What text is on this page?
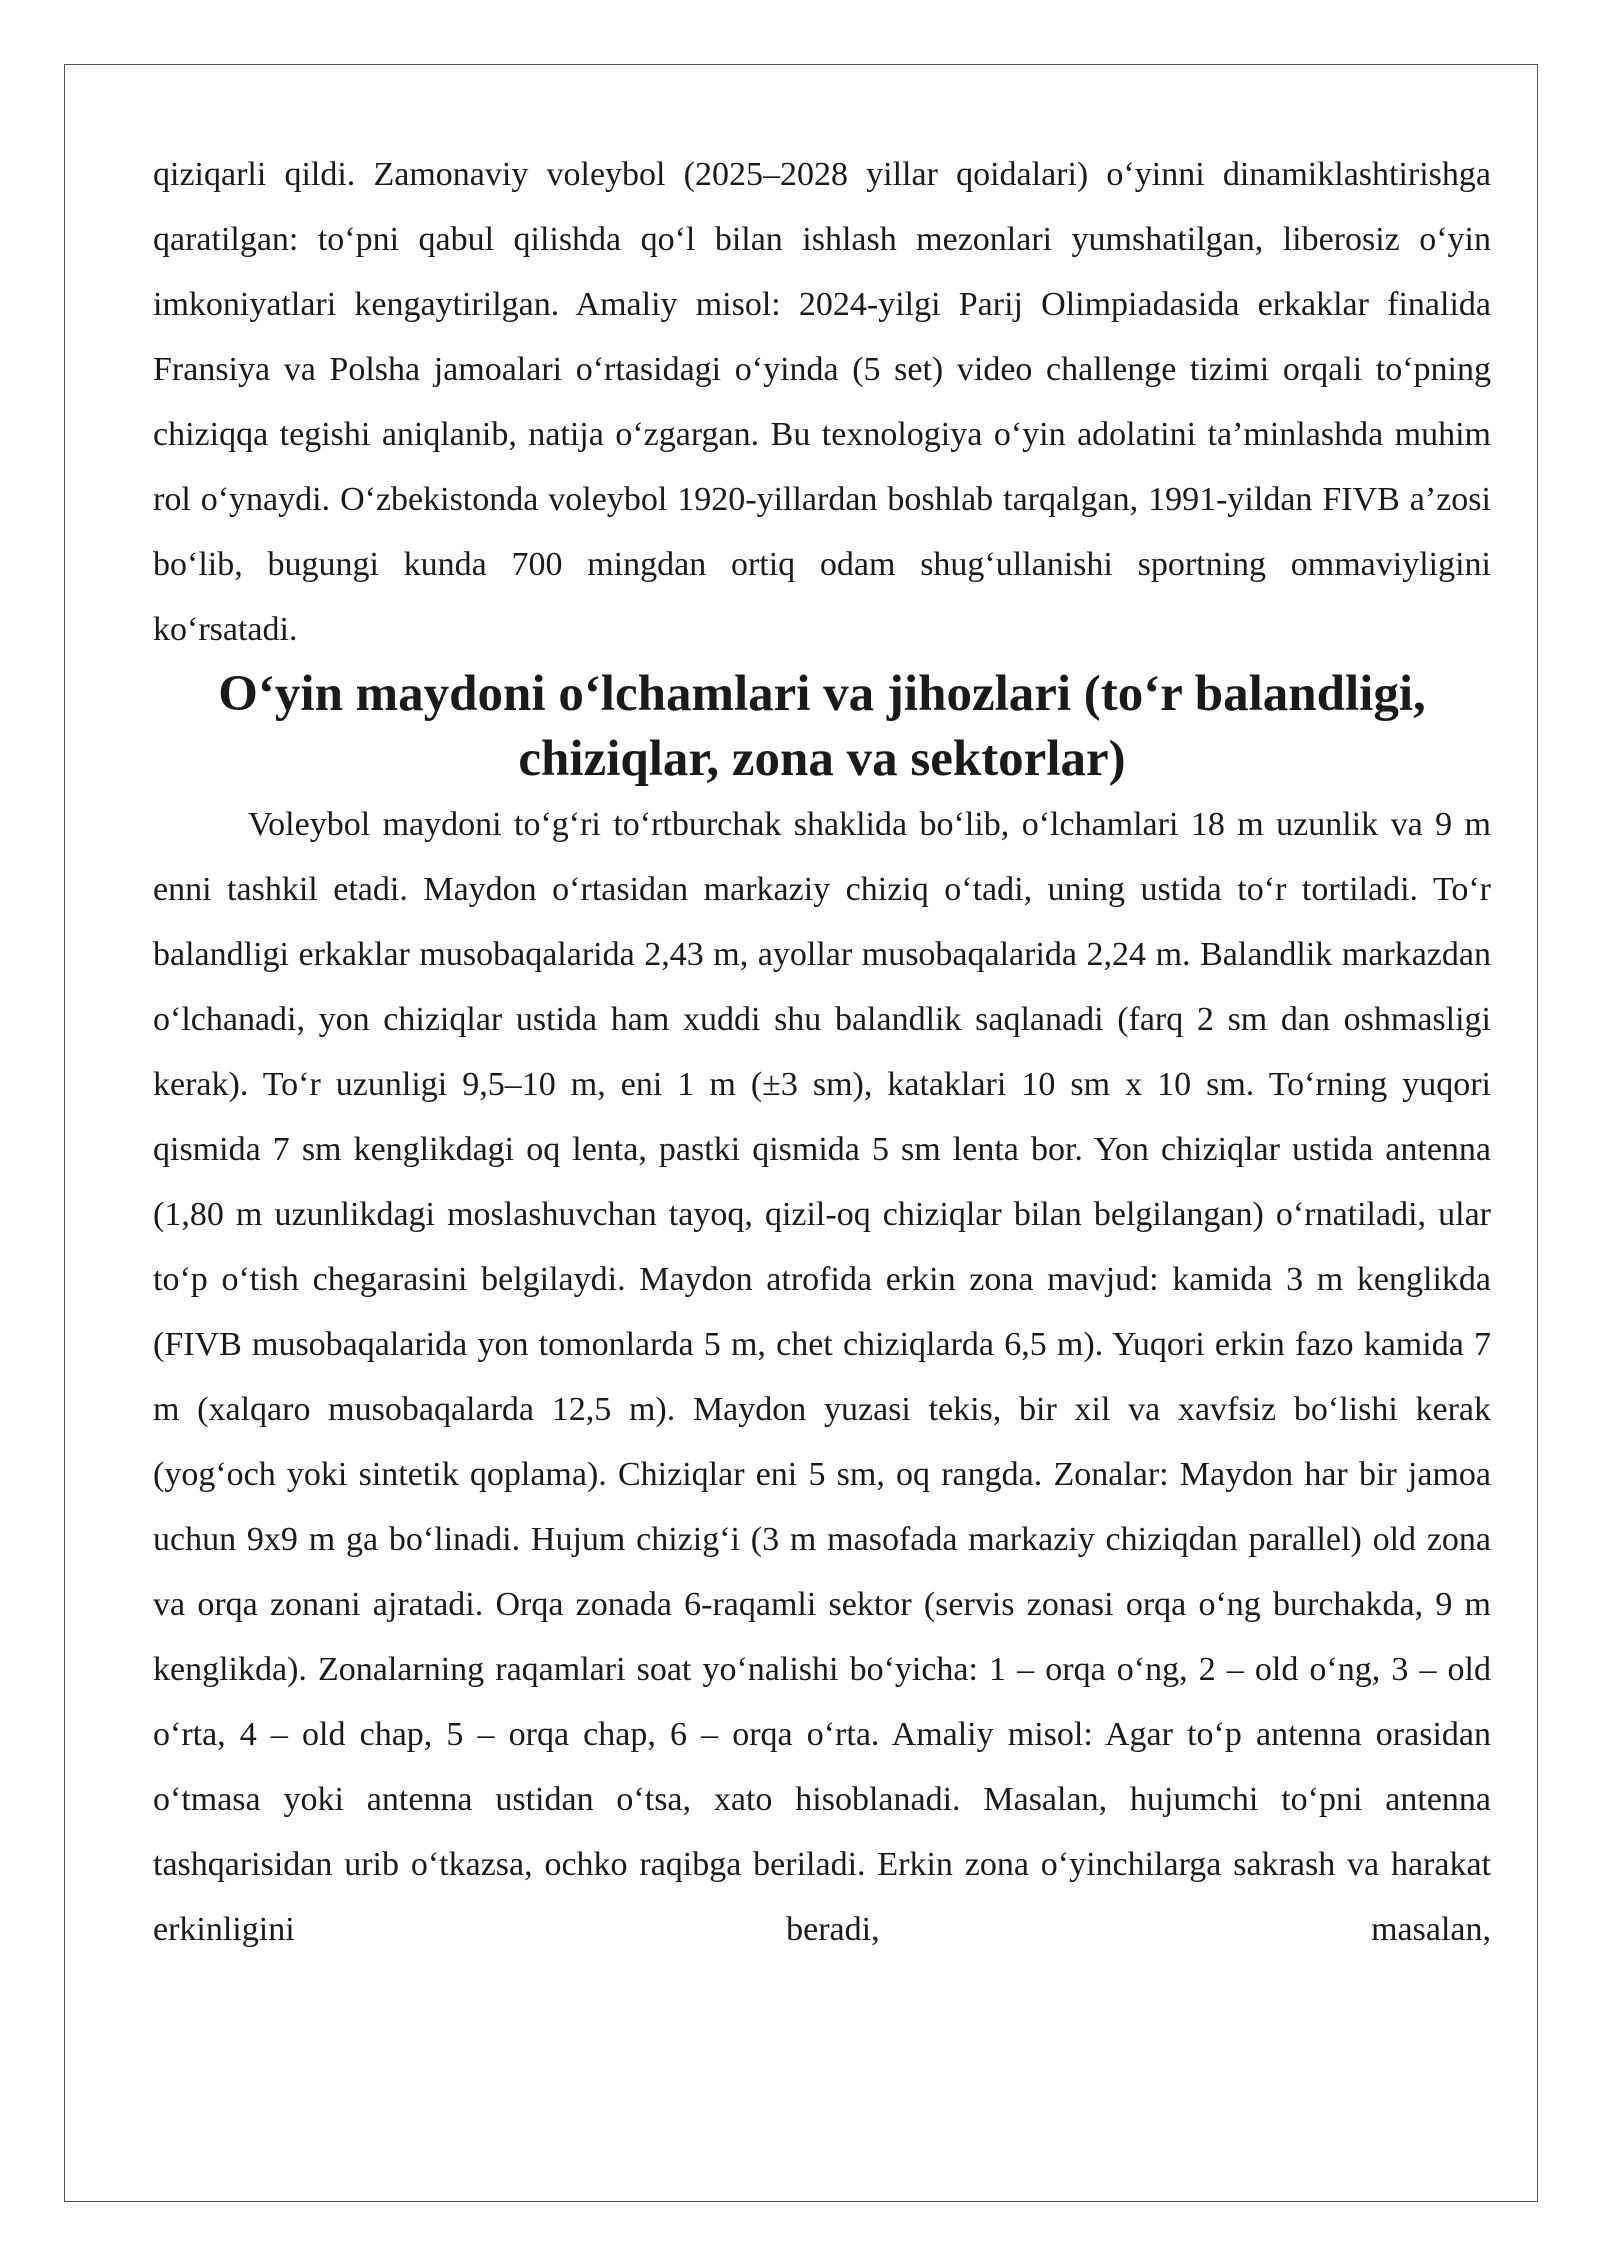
qiziqarli qildi. Zamonaviy voleybol (2025–2028 yillar qoidalari) o‘yinni dinamiklashtirishga qaratilgan: to‘pni qabul qilishda qo‘l bilan ishlash mezonlari yumshatilgan, liberosiz o‘yin imkoniyatlari kengaytirilgan. Amaliy misol: 2024-yilgi Parij Olimpiadasida erkaklar finalida Fransiya va Polsha jamoalari o‘rtasidagi o‘yinda (5 set) video challenge tizimi orqali to‘pning chiziqqa tegishi aniqlanib, natija o‘zgargan. Bu texnologiya o‘yin adolatini ta’minlashda muhim rol o‘ynaydi. O‘zbekistonda voleybol 1920-yillardan boshlab tarqalgan, 1991-yildan FIVB a’zosi bo‘lib, bugungi kunda 700 mingdan ortiq odam shug‘ullanishi sportning ommaviyligini ko‘rsatadi.

O‘yin maydoni o‘lchamlari va jihozlari (to‘r balandligi, chiziqlar, zona va sektorlar)

Voleybol maydoni to‘g‘ri to‘rtburchak shaklida bo‘lib, o‘lchamlari 18 m uzunlik va 9 m enni tashkil etadi. Maydon o‘rtasidan markaziy chiziq o‘tadi, uning ustida to‘r tortiladi. To‘r balandligi erkaklar musobaqalarida 2,43 m, ayollar musobaqalarida 2,24 m. Balandlik markazdan o‘lchanadi, yon chiziqlar ustida ham xuddi shu balandlik saqlanadi (farq 2 sm dan oshmasligi kerak). To‘r uzunligi 9,5–10 m, eni 1 m (±3 sm), kataklari 10 sm x 10 sm. To‘rning yuqori qismida 7 sm kenglikdagi oq lenta, pastki qismida 5 sm lenta bor. Yon chiziqlar ustida antenna (1,80 m uzunlikdagi moslashuvchan tayoq, qizil-oq chiziqlar bilan belgilangan) o‘rnatiladi, ular to‘p o‘tish chegarasini belgilaydi. Maydon atrofida erkin zona mavjud: kamida 3 m kenglikda (FIVB musobaqalarida yon tomonlarda 5 m, chet chiziqlarda 6,5 m). Yuqori erkin fazo kamida 7 m (xalqaro musobaqalarda 12,5 m). Maydon yuzasi tekis, bir xil va xavfsiz bo‘lishi kerak (yog‘och yoki sintetik qoplama). Chiziqlar eni 5 sm, oq rangda. Zonalar: Maydon har bir jamoa uchun 9x9 m ga bo‘linadi. Hujum chizig‘i (3 m masofada markaziy chiziqdan parallel) old zona va orqa zonani ajratadi. Orqa zonada 6-raqamli sektor (servis zonasi orqa o‘ng burchakda, 9 m kenglikda). Zonalarning raqamlari soat yo‘nalishi bo‘yicha: 1 – orqa o‘ng, 2 – old o‘ng, 3 – old o‘rta, 4 – old chap, 5 – orqa chap, 6 – orqa o‘rta. Amaliy misol: Agar to‘p antenna orasidan o‘tmasa yoki antenna ustidan o‘tsa, xato hisoblanadi. Masalan, hujumchi to‘pni antenna tashqarisidan urib o‘tkazsa, ochko raqibga beriladi. Erkin zona o‘yinchilarga sakrash va harakat erkinligini beradi, masalan,
